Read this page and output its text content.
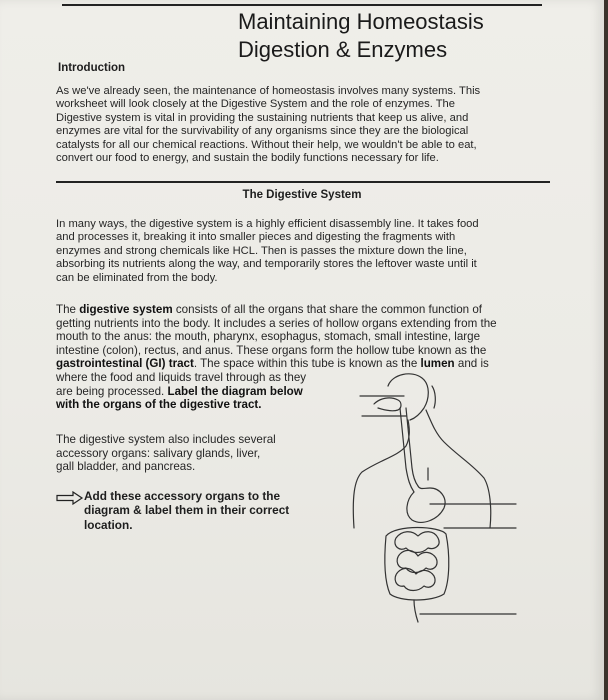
Maintaining Homeostasis
Digestion & Enzymes
Introduction

As we've already seen, the maintenance of homeostasis involves many systems. This

worksheet will look closely at the Digestive System and the role of enzymes. The

Digestive system is vital in providing the sustaining nutrients that keep us alive, and

enzymes are vital for the survivability of any organisms since they are the biological

catalysts for all our chemical reactions. Without their help, we wouldn't be able to eat,

convert our food to energy, and sustain the bodily functions necessary for life.

The Digestive System

In many ways, the digestive system is a highly efficient disassembly line. It takes food

and processes it, breaking it into smaller pieces and digesting the fragments with

enzymes and strong chemicals like HCL. Then is passes the mixture down the line,

absorbing its nutrients along the way, and temporarily stores the leftover waste until it

can be eliminated from the body.

The digestive system consists of all the organs that share the common function of

getting nutrients into the body. It includes a series of hollow organs extending from the

mouth to the anus: the mouth, pharynx, esophagus, stomach, small intestine, large

intestine (colon), rectus, and anus. These organs form the hollow tube known as the

gastrointestinal (GI) tract. The space within this tube is known as the lumen and is

where the food and liquids travel through as they

are being processed. Label the diagram below

with the organs of the digestive tract.

The digestive system also includes several

accessory organs: salivary glands, liver,

gall bladder, and pancreas.

Add these accessory organs to the

diagram & label them in their correct

location.
